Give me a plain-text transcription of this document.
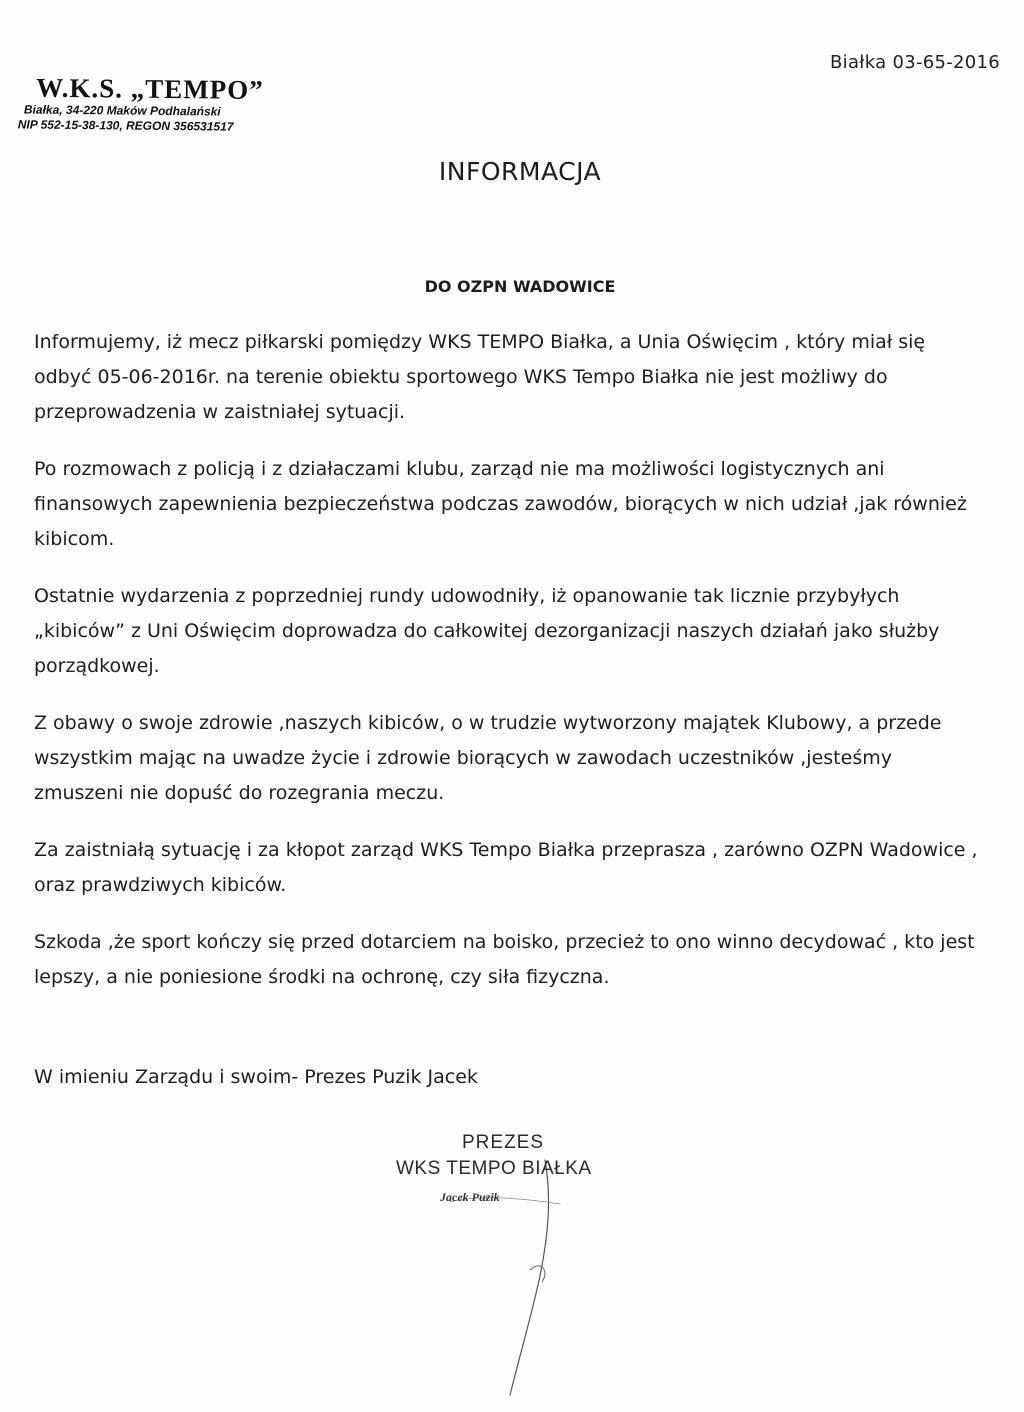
Białka 03-65-2016
W.K.S. „TEMPO”
Białka, 34-220 Maków Podhalański
NIP 552-15-38-130, REGON 356531517
INFORMACJA
DO OZPN WADOWICE

Informujemy, iż mecz piłkarski pomiędzy WKS TEMPO Białka, a Unia Oświęcim , który miał się odbyć 05-06-2016r. na terenie obiektu sportowego WKS Tempo Białka nie jest możliwy do przeprowadzenia w zaistniałej sytuacji.

Po rozmowach z policją i z działaczami klubu, zarząd nie ma możliwości logistycznych ani finansowych zapewnienia bezpieczeństwa podczas zawodów, biorących w nich udział ,jak również kibicom.

Ostatnie wydarzenia z poprzedniej rundy udowodniły, iż opanowanie tak licznie przybyłych „kibiców” z Uni Oświęcim doprowadza do całkowitej dezorganizacji naszych działań jako służby porządkowej.

Z obawy o swoje zdrowie ,naszych kibiców, o w trudzie wytworzony majątek Klubowy, a przede wszystkim mając na uwadze życie i zdrowie biorących w zawodach uczestników ,jesteśmy zmuszeni nie dopuść do rozegrania meczu.

Za zaistniałą sytuację i za kłopot zarząd WKS Tempo Białka przeprasza , zarówno OZPN Wadowice , oraz prawdziwych kibiców.

Szkoda ,że sport kończy się przed dotarciem na boisko, przecież to ono winno decydować , kto jest lepszy, a nie poniesione środki na ochronę, czy siła fizyczna.

W imieniu Zarządu i swoim- Prezes Puzik Jacek
PREZES
WKS TEMPO BIAŁKA
Jacek Puzik
